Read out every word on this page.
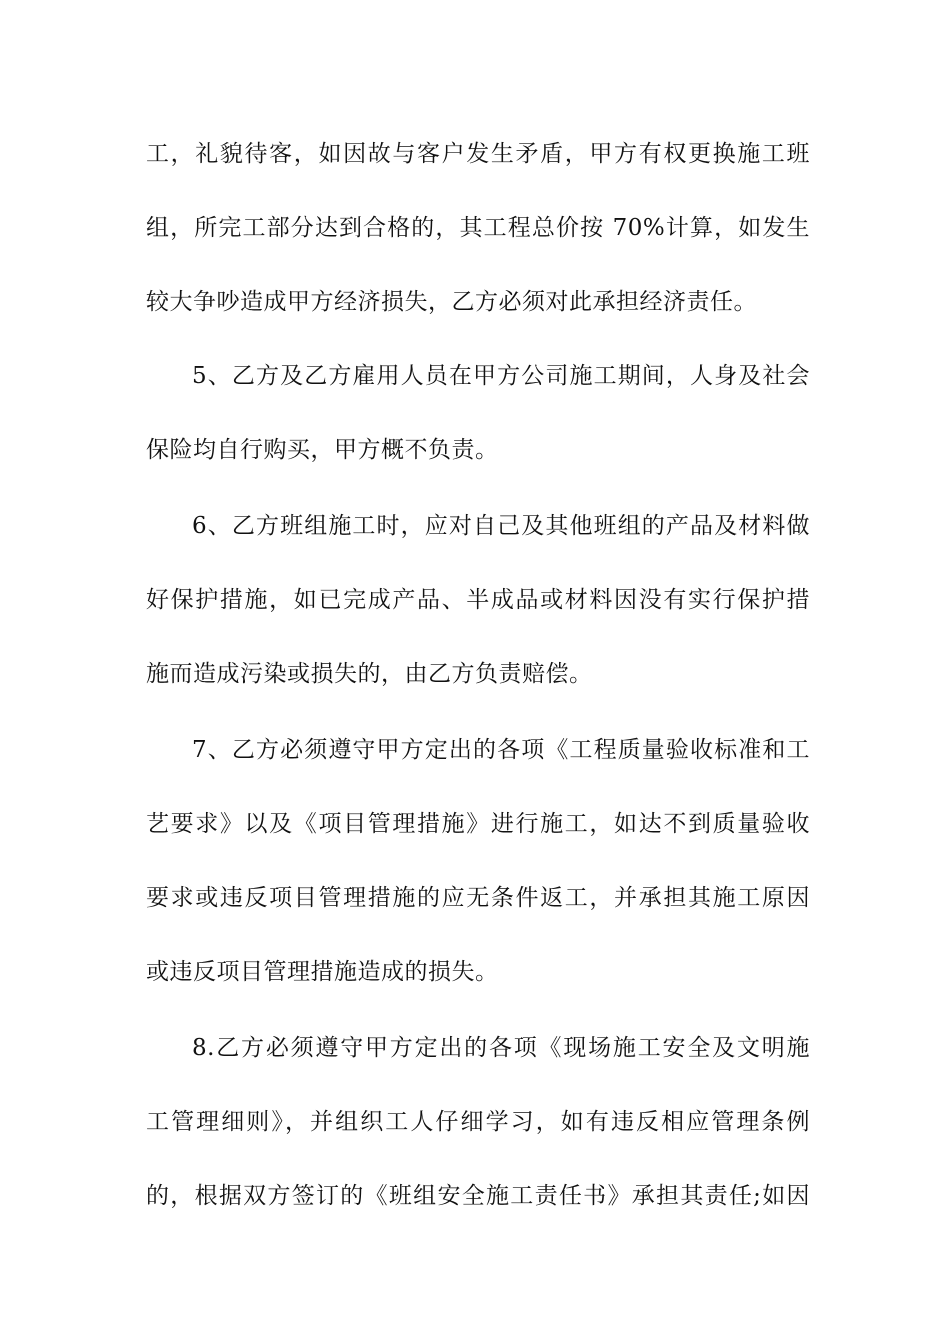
工，礼貌待客，如因故与客户发生矛盾，甲方有权更换施工班
组，所完工部分达到合格的，其工程总价按 70%计算，如发生
较大争吵造成甲方经济损失，乙方必须对此承担经济责任。
5、乙方及乙方雇用人员在甲方公司施工期间，人身及社会
保险均自行购买，甲方概不负责。
6、乙方班组施工时，应对自己及其他班组的产品及材料做
好保护措施，如已完成产品、半成品或材料因没有实行保护措
施而造成污染或损失的，由乙方负责赔偿。
7、乙方必须遵守甲方定出的各项《工程质量验收标准和工
艺要求》以及《项目管理措施》进行施工，如达不到质量验收
要求或违反项目管理措施的应无条件返工，并承担其施工原因
或违反项目管理措施造成的损失。
8.乙方必须遵守甲方定出的各项《现场施工安全及文明施
工管理细则》，并组织工人仔细学习，如有违反相应管理条例
的，根据双方签订的《班组安全施工责任书》承担其责任;如因
